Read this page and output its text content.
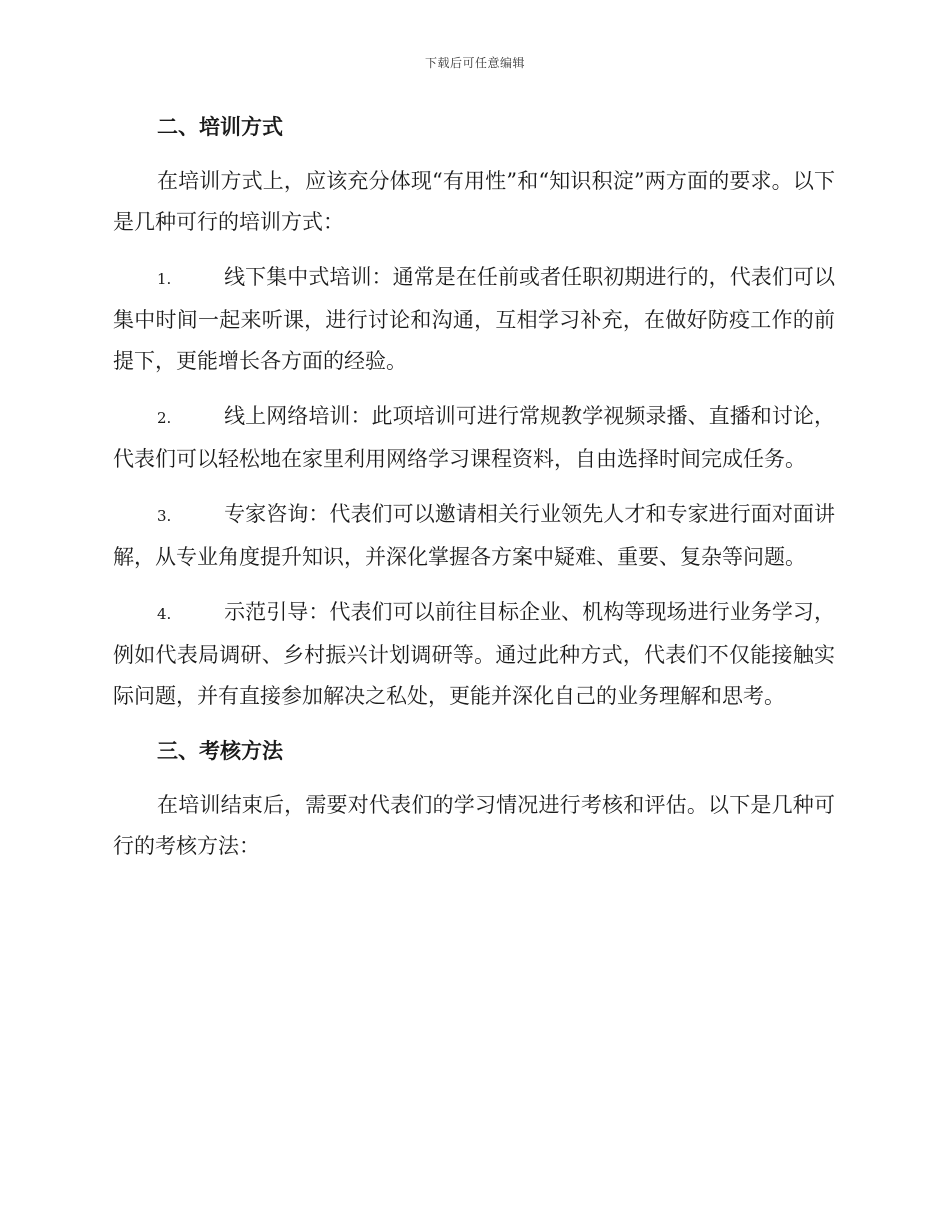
下载后可任意编辑
二、培训方式

在培训方式上，应该充分体现“有用性”和“知识积淀”两方面的要求。以下是几种可行的培训方式：

1.	线下集中式培训：通常是在任前或者任职初期进行的，代表们可以集中时间一起来听课，进行讨论和沟通，互相学习补充，在做好防疫工作的前提下，更能增长各方面的经验。

2.	线上网络培训：此项培训可进行常规教学视频录播、直播和讨论，代表们可以轻松地在家里利用网络学习课程资料，自由选择时间完成任务。

3.	专家咨询：代表们可以邀请相关行业领先人才和专家进行面对面讲解，从专业角度提升知识，并深化掌握各方案中疑难、重要、复杂等问题。

4.	示范引导：代表们可以前往目标企业、机构等现场进行业务学习，例如代表局调研、乡村振兴计划调研等。通过此种方式，代表们不仅能接触实际问题，并有直接参加解决之私处，更能并深化自己的业务理解和思考。

三、考核方法

在培训结束后，需要对代表们的学习情况进行考核和评估。以下是几种可行的考核方法：
